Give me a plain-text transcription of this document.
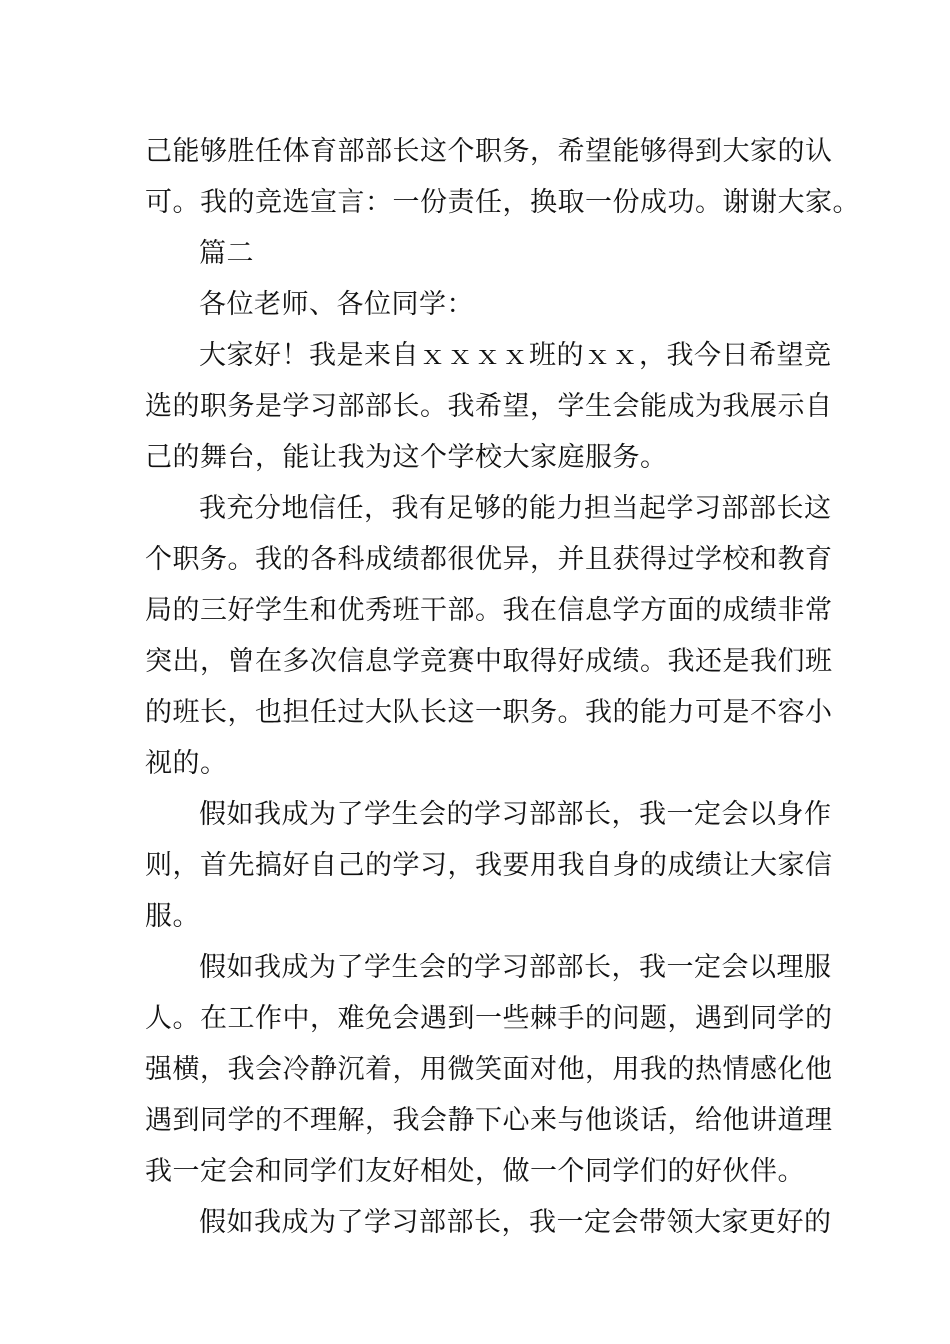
己能够胜任体育部部长这个职务，希望能够得到大家的认
可。我的竞选宣言：一份责任，换取一份成功。谢谢大家。
篇二
各位老师、各位同学：
大家好！我是来自ｘｘｘｘ班的ｘｘ，我今日希望竞
选的职务是学习部部长。我希望，学生会能成为我展示自
己的舞台，能让我为这个学校大家庭服务。
我充分地信任，我有足够的能力担当起学习部部长这
个职务。我的各科成绩都很优异，并且获得过学校和教育
局的三好学生和优秀班干部。我在信息学方面的成绩非常
突出，曾在多次信息学竞赛中取得好成绩。我还是我们班
的班长，也担任过大队长这一职务。我的能力可是不容小
视的。
假如我成为了学生会的学习部部长，我一定会以身作
则，首先搞好自己的学习，我要用我自身的成绩让大家信
服。
假如我成为了学生会的学习部部长，我一定会以理服
人。在工作中，难免会遇到一些棘手的问题，遇到同学的
强横，我会冷静沉着，用微笑面对他，用我的热情感化他
遇到同学的不理解，我会静下心来与他谈话，给他讲道理
我一定会和同学们友好相处，做一个同学们的好伙伴。
假如我成为了学习部部长，我一定会带领大家更好的
